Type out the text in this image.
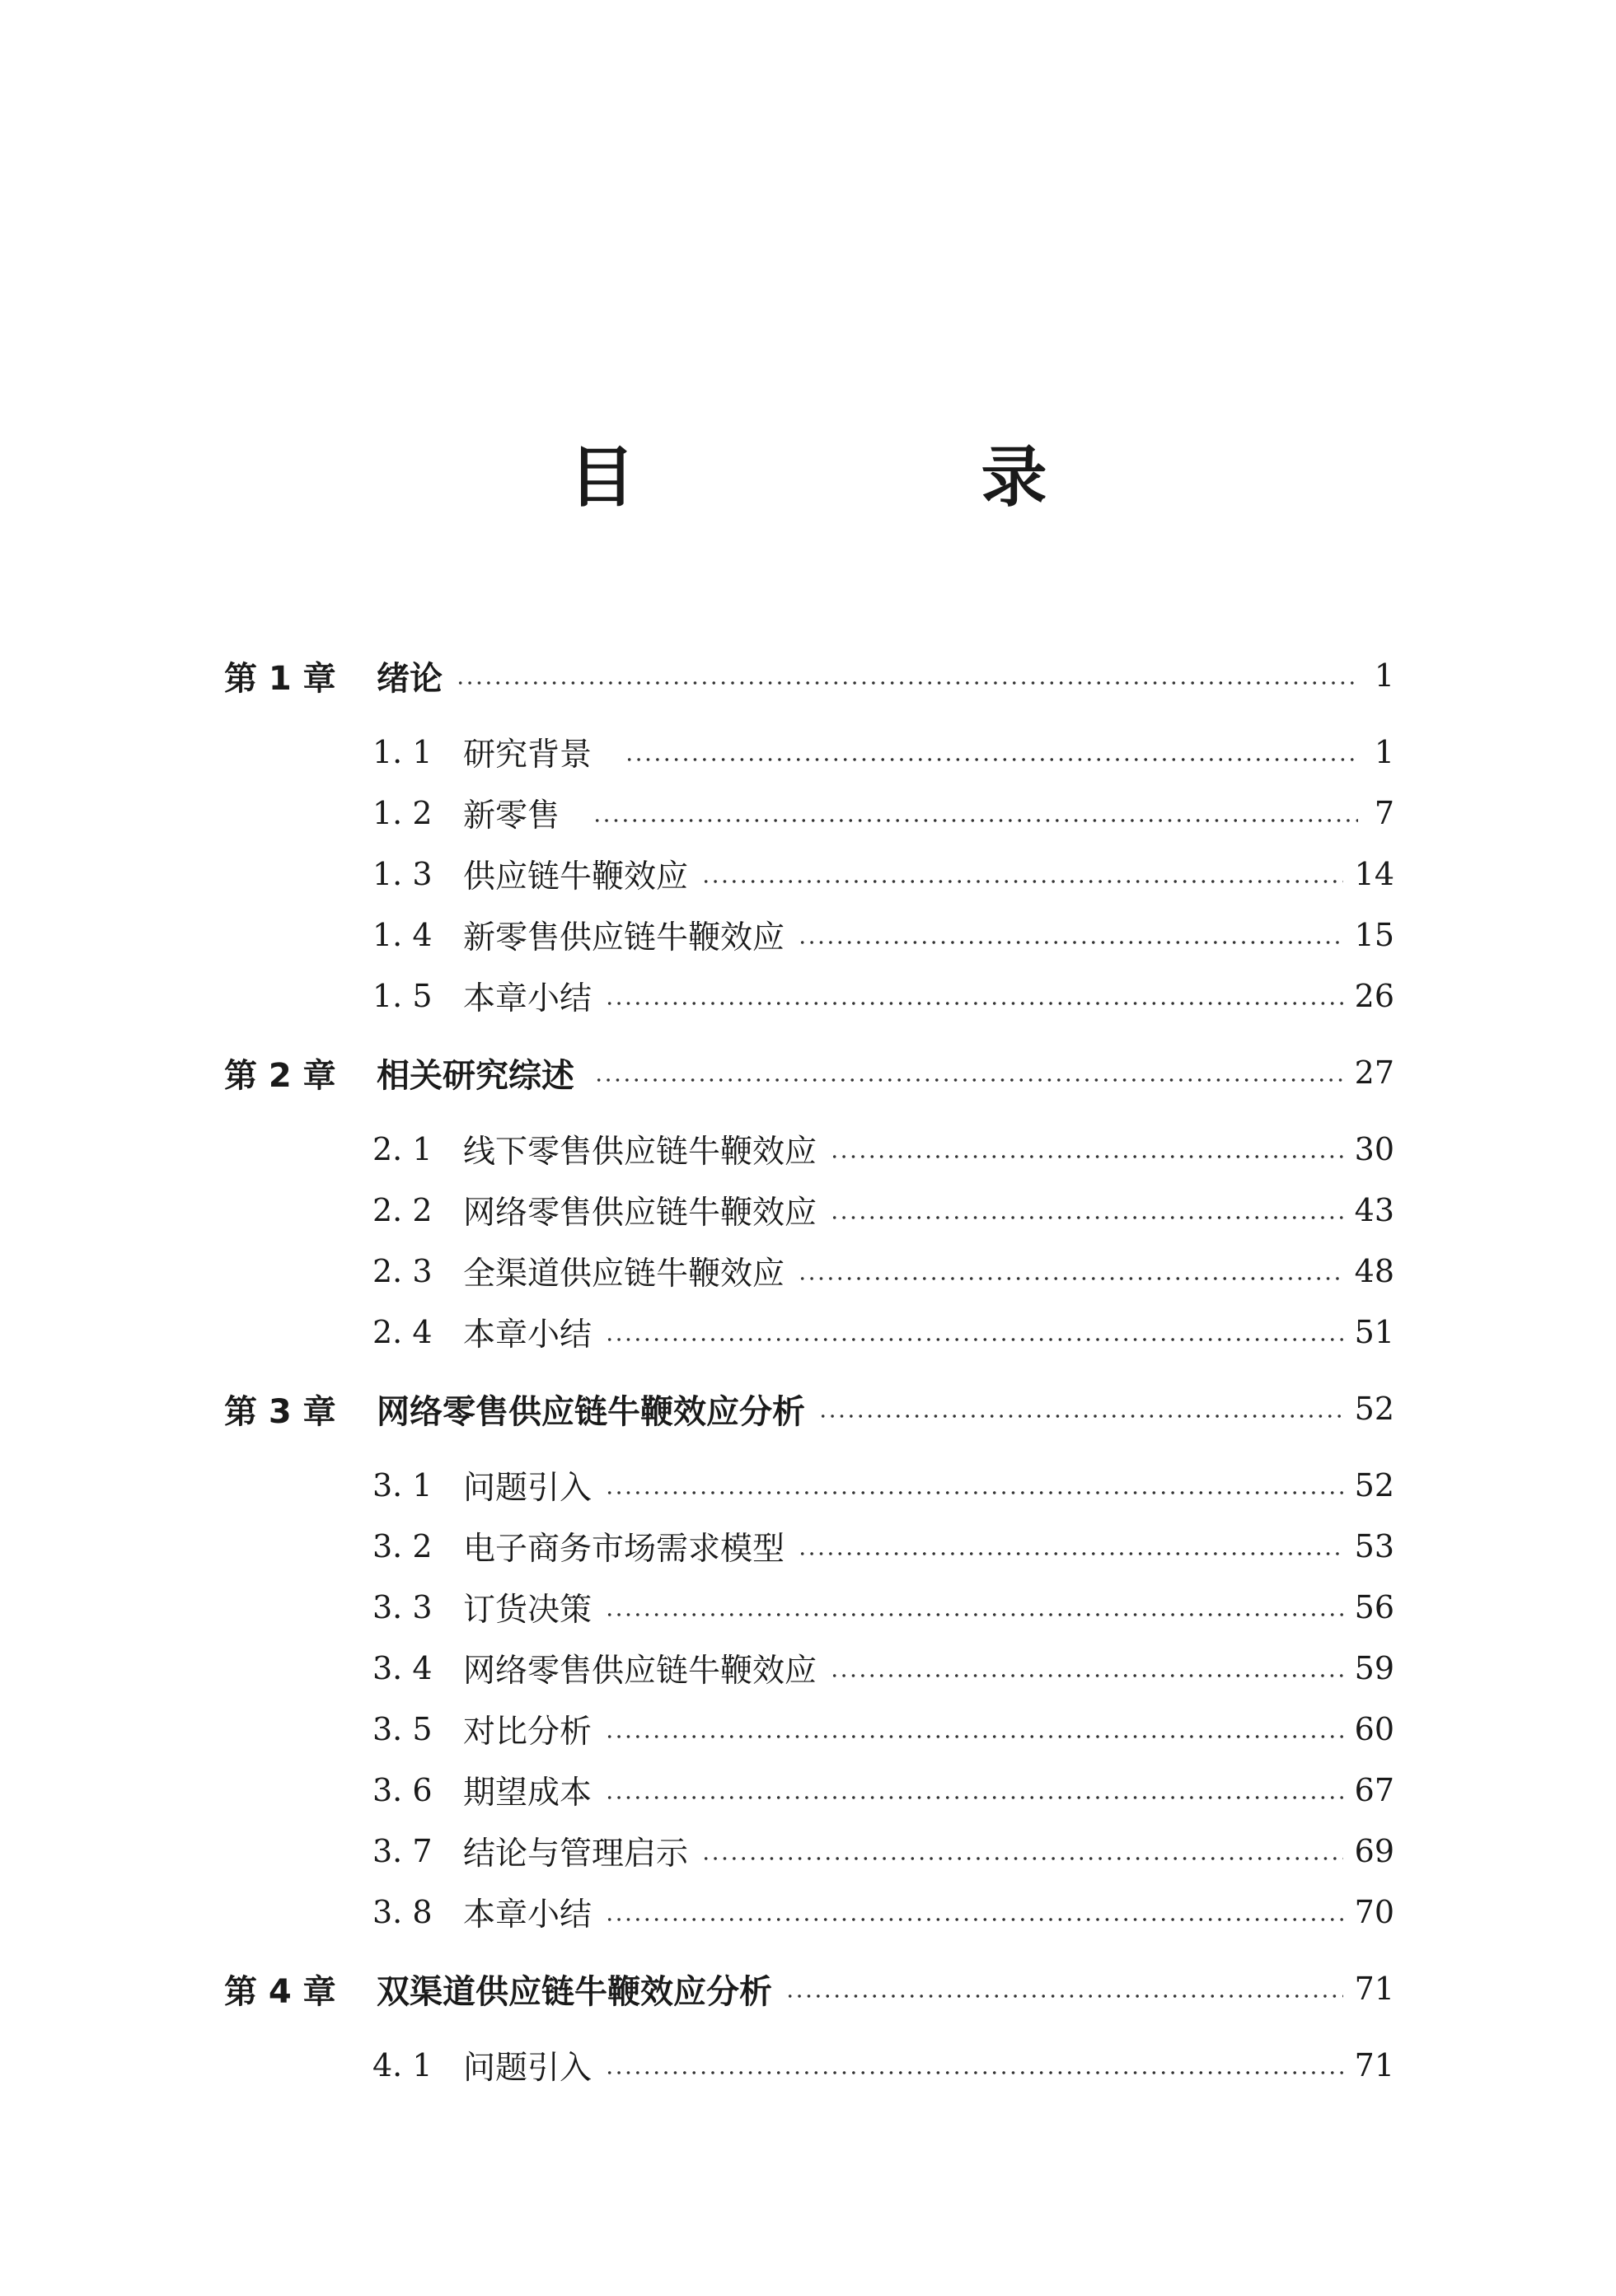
目　录
第 1 章	绪论	1
1. 1 研究背景	1
1. 2 新零售	7
1. 3 供应链牛鞭效应	14
1. 4 新零售供应链牛鞭效应	15
1. 5 本章小结	26
第 2 章	相关研究综述	27
2. 1 线下零售供应链牛鞭效应	30
2. 2 网络零售供应链牛鞭效应	43
2. 3 全渠道供应链牛鞭效应	48
2. 4 本章小结	51
第 3 章	网络零售供应链牛鞭效应分析	52
3. 1 问题引入	52
3. 2 电子商务市场需求模型	53
3. 3 订货决策	56
3. 4 网络零售供应链牛鞭效应	59
3. 5 对比分析	60
3. 6 期望成本	67
3. 7 结论与管理启示	69
3. 8 本章小结	70
第 4 章	双渠道供应链牛鞭效应分析	71
4. 1 问题引入	71
